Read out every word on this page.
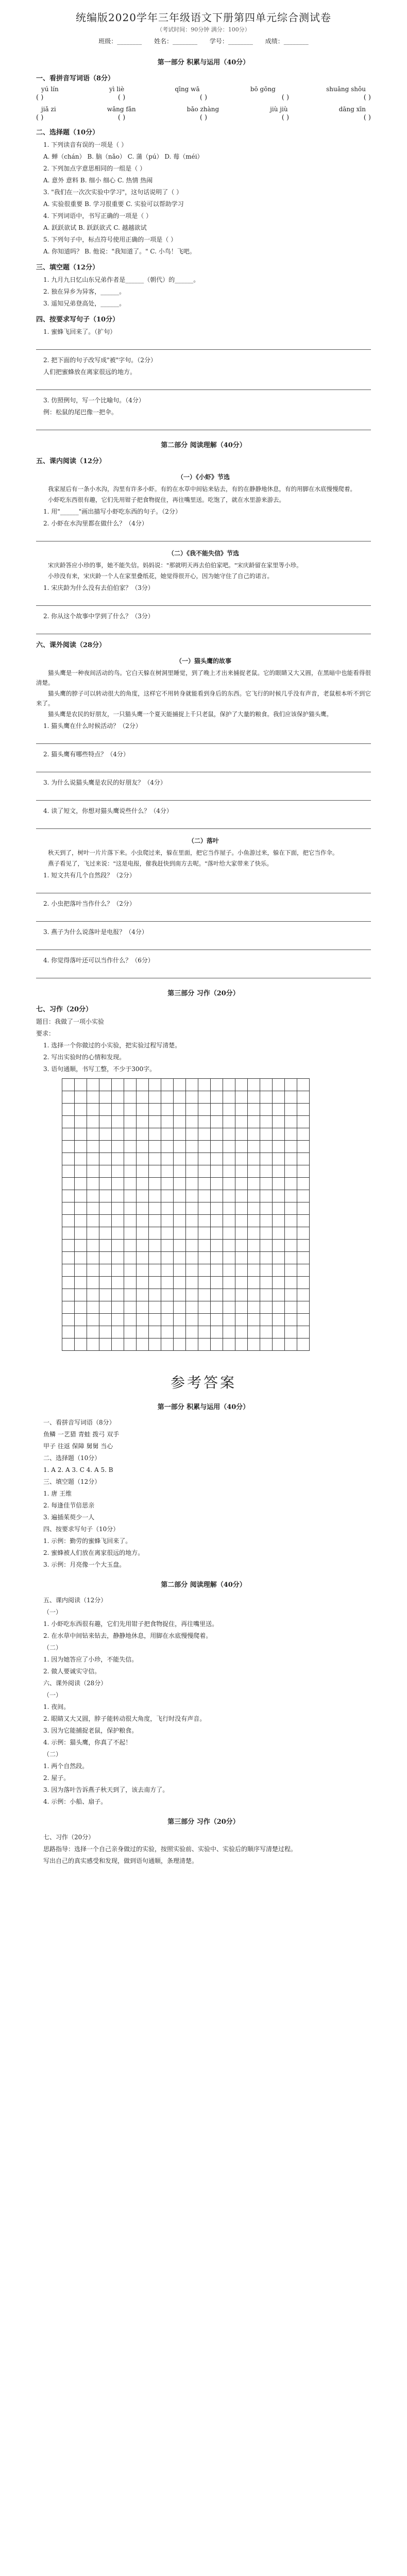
统编版2020学年三年级语文下册第四单元综合测试卷
（考试时间：90分钟 满分：100分）
班级：________ 姓名：________ 学号：________ 成绩：________
第一部分 积累与运用（40分）
一、看拼音写词语（8分）
yú lín	yì liè	qīng wā	bō gōng	shuāng shǒu
( )	( )	( )	( )	( )
jiǎ zi	wǎng fǎn	bǎo zhàng	jiù jiù	dāng xīn
( )	( )	( )	( )	( )
二、选择题（10分）
1. 下列读音有误的一项是（ ）
A. 蝉（chán） B. 脑（nǎo） C. 蒲（pú） D. 莓（méi）
2. 下列加点字意思相同的一组是（ ）
A. 意外 意料 B. 细小 细心 C. 热情 热闹
3. "我们在一次次实验中学习"，这句话说明了（ ）
A. 实验很重要 B. 学习很重要 C. 实验可以帮助学习
4. 下列词语中，书写正确的一项是（ ）
A. 跃跃欲试 B. 跃跃欲式 C. 越越欲试
5. 下列句子中，标点符号使用正确的一项是（ ）
A. 你知道吗？ B. 他说："我知道了。" C. 小鸟！飞吧。
三、填空题（12分）
1. 九月九日忆山东兄弟作者是______（朝代）的______。
2. 独在异乡为异客，______。
3. 遥知兄弟登高处，______。
四、按要求写句子（10分）
1. 蜜蜂飞回来了。（扩句）
2. 把下面的句子改写成"被"字句。（2分）
人们把蜜蜂放在离家很远的地方。
3. 仿照例句，写一个比喻句。（4分）
例：松鼠的尾巴像一把伞。
第二部分 阅读理解（40分）
五、课内阅读（12分）
（一）《小虾》节选
我家屋后有一条小水沟，沟里有许多小虾。有的在水草中间钻来钻去，有的在静静地休息，有的用脚在水底慢慢爬着。
小虾吃东西很有趣，它们先用钳子把食物捉住，再往嘴里送。吃饱了，就在水里游来游去。
1. 用"______"画出描写小虾吃东西的句子。（2分）
2. 小虾在水沟里都在做什么？（4分）
（二）《我不能失信》节选
宋庆龄答应小珍的事，她不能失信。妈妈说："那就明天再去伯伯家吧。"宋庆龄留在家里等小珍。
小珍没有来，宋庆龄一个人在家里叠纸花，她觉得很开心，因为她守住了自己的诺言。
1. 宋庆龄为什么没有去伯伯家？（3分）
2. 你从这个故事中学到了什么？（3分）
六、课外阅读（28分）
（一）猫头鹰的故事
猫头鹰是一种夜间活动的鸟。它白天躲在树洞里睡觉，到了晚上才出来捕捉老鼠。它的眼睛又大又圆，在黑暗中也能看得很清楚。
猫头鹰的脖子可以转动很大的角度，这样它不用转身就能看到身后的东西。它飞行的时候几乎没有声音，老鼠根本听不到它来了。
猫头鹰是农民的好朋友，一只猫头鹰一个夏天能捕捉上千只老鼠，保护了大量的粮食。我们应该保护猫头鹰。
1. 猫头鹰在什么时候活动？（2分）
2. 猫头鹰有哪些特点？（4分）
3. 为什么说猫头鹰是农民的好朋友？（4分）
4. 读了短文，你想对猫头鹰说些什么？（4分）
（二）落叶
秋天到了，树叶一片片落下来。小虫爬过来，躲在里面，把它当作屋子。小鱼游过来，躲在下面，把它当作伞。
燕子看见了，飞过来说："这是电报，催我赶快到南方去呢。"落叶给大家带来了快乐。
1. 短文共有几个自然段？（2分）
2. 小虫把落叶当作什么？（2分）
3. 燕子为什么说落叶是电报？（4分）
4. 你觉得落叶还可以当作什么？（6分）
第三部分 习作（20分）
七、习作（20分）
题目：我做了一项小实验
要求：
1. 选择一个你做过的小实验，把实验过程写清楚。
2. 写出实验时的心情和发现。
3. 语句通顺，书写工整，不少于300字。
参考答案
第一部分 积累与运用（40分）
一、看拼音写词语（8分）
鱼鳞 一艺猎 青蛙 拨弓 双手
甲子 往返 保障 舅舅 当心
二、选择题（10分）
1. A 2. A 3. C 4. A 5. B
三、填空题（12分）
1. 唐 王维
2. 每逢佳节倍思亲
3. 遍插茱萸少一人
四、按要求写句子（10分）
1. 示例：勤劳的蜜蜂飞回来了。
2. 蜜蜂被人们放在离家很远的地方。
3. 示例：月亮像一个大玉盘。
第二部分 阅读理解（40分）
五、课内阅读（12分）
（一）
1. 小虾吃东西很有趣，它们先用钳子把食物捉住，再往嘴里送。
2. 在水草中间钻来钻去，静静地休息，用脚在水底慢慢爬着。
（二）
1. 因为她答应了小珍，不能失信。
2. 做人要诚实守信。
六、课外阅读（28分）
（一）
1. 夜间。
2. 眼睛又大又圆，脖子能转动很大角度，飞行时没有声音。
3. 因为它能捕捉老鼠，保护粮食。
4. 示例：猫头鹰，你真了不起！
（二）
1. 两个自然段。
2. 屋子。
3. 因为落叶告诉燕子秋天到了，该去南方了。
4. 示例：小船、扇子。
第三部分 习作（20分）
七、习作（20分）
思路指导：选择一个自己亲身做过的实验，按照实验前、实验中、实验后的顺序写清楚过程。
写出自己的真实感受和发现，做到语句通顺，条理清楚。
